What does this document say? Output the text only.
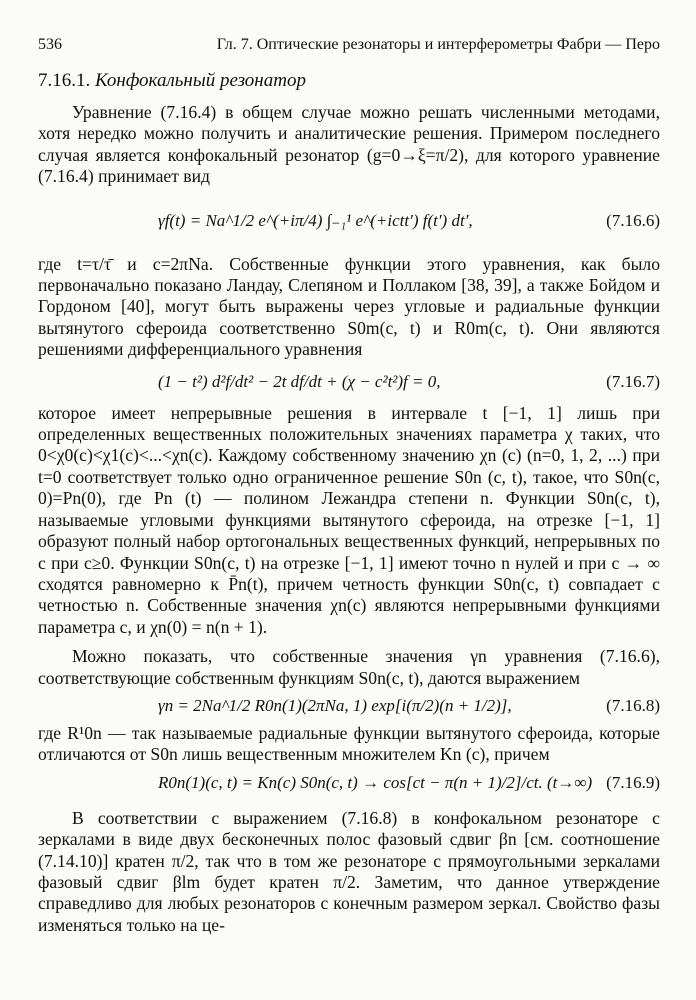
536	Гл. 7. Оптические резонаторы и интерферометры Фабри — Перо
7.16.1. Конфокальный резонатор

Уравнение (7.16.4) в общем случае можно решать численными методами, хотя нередко можно получить и аналитические решения. Примером последнего случая является конфокальный резонатор (g=0→ξ=π/2), для которого уравнение (7.16.4) принимает вид

γf(t) = Na^1/2 e^(+iπ/4) ∫₋₁¹ e^(+ictt′) f(t′) dt′,	(7.16.6)

где t=τ/τ̄ и c=2πNa. Собственные функции этого уравнения, как было первоначально показано Ландау, Слепяном и Поллаком [38, 39], а также Бойдом и Гордоном [40], могут быть выражены через угловые и радиальные функции вытянутого сфероида соответственно S0m(c, t) и R0m(c, t). Они являются решениями дифференциального уравнения

(1 − t²) d²f/dt² − 2t df/dt + (χ − c²t²)f = 0,	(7.16.7)

которое имеет непрерывные решения в интервале t [−1, 1] лишь при определенных вещественных положительных значениях параметра χ таких, что 0<χ0(c)<χ1(c)<...<χn(c). Каждому собственному значению χn (c) (n=0, 1, 2, ...) при t=0 соответствует только одно ограниченное решение S0n (c, t), такое, что S0n(c, 0)=Pn(0), где Pn (t) — полином Лежандра степени n. Функции S0n(c, t), называемые угловыми функциями вытянутого сфероида, на отрезке [−1, 1] образуют полный набор ортогональных вещественных функций, непрерывных по c при c≥0. Функции S0n(c, t) на отрезке [−1, 1] имеют точно n нулей и при c → ∞ сходятся равномерно к P̄n(t), причем четность функции S0n(c, t) совпадает с четностью n. Собственные значения χn(c) являются непрерывными функциями параметра c, и χn(0) = n(n + 1).

Можно показать, что собственные значения γn уравнения (7.16.6), соответствующие собственным функциям S0n(c, t), даются выражением

γn = 2Na^1/2 R0n(1)(2πNa, 1) exp[i(π/2)(n + 1/2)],	(7.16.8)

где R¹0n — так называемые радиальные функции вытянутого сфероида, которые отличаются от S0n лишь вещественным множителем Kn (c), причем

R0n(1)(c, t) = Kn(c) S0n(c, t) → cos[ct − π(n + 1)/2]/ct. (t→∞) (7.16.9)

В соответствии с выражением (7.16.8) в конфокальном резонаторе с зеркалами в виде двух бесконечных полос фазовый сдвиг βn [см. соотношение (7.14.10)] кратен π/2, так что в том же резонаторе с прямоугольными зеркалами фазовый сдвиг βlm будет кратен π/2. Заметим, что данное утверждение справедливо для любых резонаторов с конечным размером зеркал. Свойство фазы изменяться только на це-
